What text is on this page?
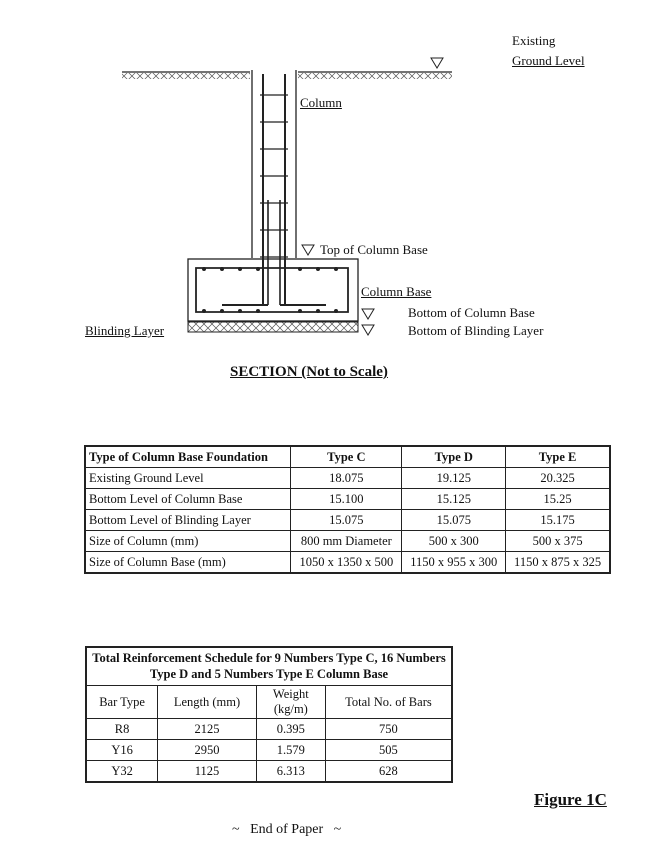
Existing
Ground Level
Column
Top of Column Base
Column Base
Bottom of Column Base
Blinding Layer	Bottom of Blinding Layer
SECTION (Not to Scale)
Type of Column Base Foundation	Type C	Type D	Type E
Existing Ground Level	18.075	19.125	20.325
Bottom Level of Column Base	15.100	15.125	15.25
Bottom Level of Blinding Layer	15.075	15.075	15.175
Size of Column (mm)	800 mm Diameter	500 x 300	500 x 375
Size of Column Base (mm)	1050 x 1350 x 500	1150 x 955 x 300	1150 x 875 x 325
Total Reinforcement Schedule for 9 Numbers Type C, 16 Numbers Type D and 5 Numbers Type E Column Base			
Bar Type	Length (mm)	Weight (kg/m)	Total No. of Bars
R8	2125	0.395	750
Y16	2950	1.579	505
Y32	1125	6.313	628
Figure 1C
~   End of Paper   ~
